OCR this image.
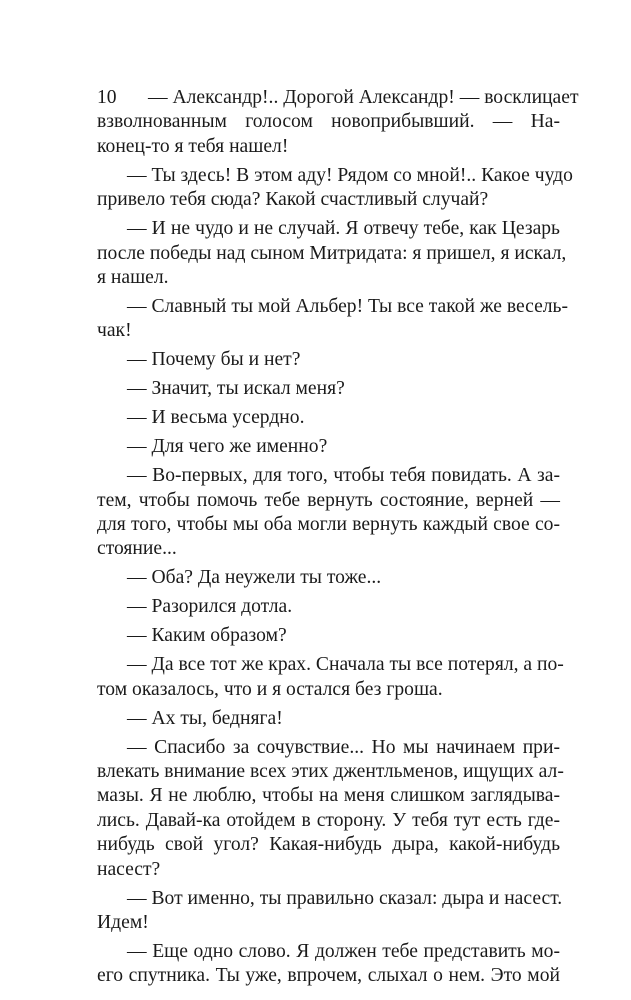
10	— Александр!.. Дорогой Александр! — восклицает
взволнованным голосом новоприбывший. — На-
конец-то я тебя нашел!
— Ты здесь! В этом аду! Рядом со мной!.. Какое чудо
привело тебя сюда? Какой счастливый случай?
— И не чудо и не случай. Я отвечу тебе, как Цезарь
после победы над сыном Митридата: я пришел, я искал,
я нашел.
— Славный ты мой Альбер! Ты все такой же весель-
чак!
— Почему бы и нет?
— Значит, ты искал меня?
— И весьма усердно.
— Для чего же именно?
— Во-первых, для того, чтобы тебя повидать. А за-
тем, чтобы помочь тебе вернуть состояние, верней —
для того, чтобы мы оба могли вернуть каждый свое со-
стояние...
— Оба? Да неужели ты тоже...
— Разорился дотла.
— Каким образом?
— Да все тот же крах. Сначала ты все потерял, а по-
том оказалось, что и я остался без гроша.
— Ах ты, бедняга!
— Спасибо за сочувствие... Но мы начинаем при-
влекать внимание всех этих джентльменов, ищущих ал-
мазы. Я не люблю, чтобы на меня слишком заглядыва-
лись. Давай-ка отойдем в сторону. У тебя тут есть где-
нибудь свой угол? Какая-нибудь дыра, какой-нибудь
насест?
— Вот именно, ты правильно сказал: дыра и насест.
Идем!
— Еще одно слово. Я должен тебе представить мо-
его спутника. Ты уже, впрочем, слыхал о нем. Это мой
